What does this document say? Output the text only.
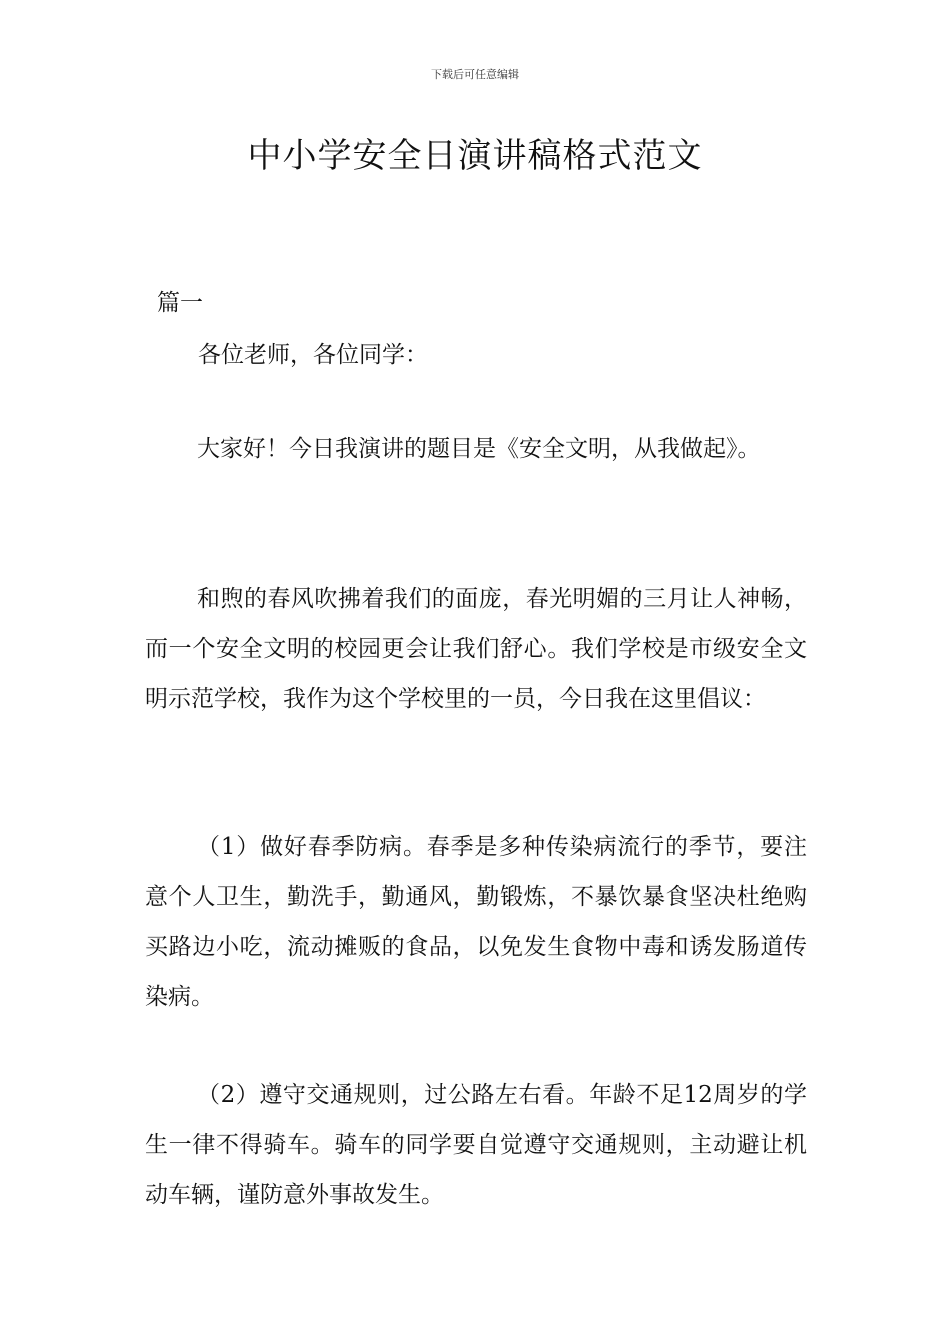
下载后可任意编辑
中小学安全日演讲稿格式范文
篇一
各位老师，各位同学：

大家好！今日我演讲的题目是《安全文明，从我做起》。

和煦的春风吹拂着我们的面庞，春光明媚的三月让人神畅，而一个安全文明的校园更会让我们舒心。我们学校是市级安全文明示范学校，我作为这个学校里的一员，今日我在这里倡议：

（1）做好春季防病。春季是多种传染病流行的季节，要注意个人卫生，勤洗手，勤通风，勤锻炼，不暴饮暴食坚决杜绝购买路边小吃，流动摊贩的食品，以免发生食物中毒和诱发肠道传染病。

（2）遵守交通规则，过公路左右看。年龄不足12周岁的学生一律不得骑车。骑车的同学要自觉遵守交通规则，主动避让机动车辆，谨防意外事故发生。
